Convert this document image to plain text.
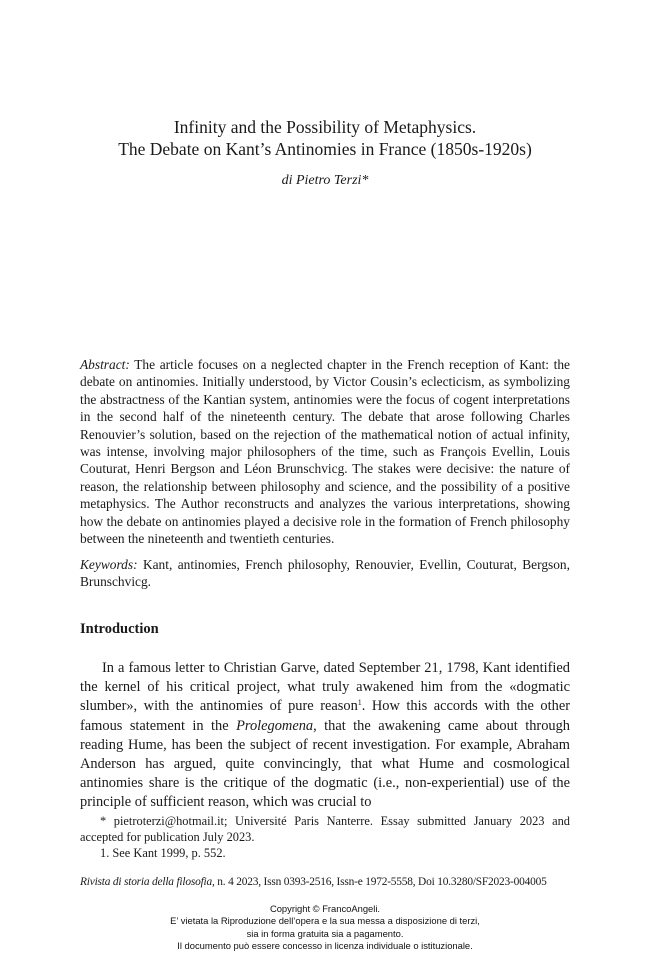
Infinity and the Possibility of Metaphysics.
The Debate on Kant’s Antinomies in France (1850s-1920s)
di Pietro Terzi*
Abstract: The article focuses on a neglected chapter in the French reception of Kant: the debate on antinomies. Initially understood, by Victor Cousin’s eclecticism, as symbolizing the abstractness of the Kantian system, antinomies were the focus of cogent interpretations in the second half of the nineteenth century. The debate that arose following Charles Renouvier’s solution, based on the rejection of the mathematical notion of actual infinity, was intense, involving major philosophers of the time, such as François Evellin, Louis Couturat, Henri Bergson and Léon Brunschvicg. The stakes were decisive: the nature of reason, the relationship between philosophy and science, and the possibility of a positive metaphysics. The Author reconstructs and analyzes the various interpretations, showing how the debate on antinomies played a decisive role in the formation of French philosophy between the nineteenth and twentieth centuries.
Keywords: Kant, antinomies, French philosophy, Renouvier, Evellin, Couturat, Bergson, Brunschvicg.
Introduction
In a famous letter to Christian Garve, dated September 21, 1798, Kant identified the kernel of his critical project, what truly awakened him from the «dogmatic slumber», with the antinomies of pure reason$^1$. How this accords with the other famous statement in the Prolegomena, that the awakening came about through reading Hume, has been the subject of recent investigation. For example, Abraham Anderson has argued, quite convincingly, that what Hume and cosmological antinomies share is the critique of the dogmatic (i.e., non-experiential) use of the principle of sufficient reason, which was crucial to

* pietroterzi@hotmail.it; Université Paris Nanterre. Essay submitted January 2023 and accepted for publication July 2023.

1. See Kant 1999, p. 552.

Rivista di storia della filosofia, n. 4 2023, Issn 0393-2516, Issn-e 1972-5558, Doi 10.3280/SF2023-004005
Copyright © FrancoAngeli.
E’ vietata la Riproduzione dell’opera e la sua messa a disposizione di terzi,
sia in forma gratuita sia a pagamento.
Il documento può essere concesso in licenza individuale o istituzionale.
